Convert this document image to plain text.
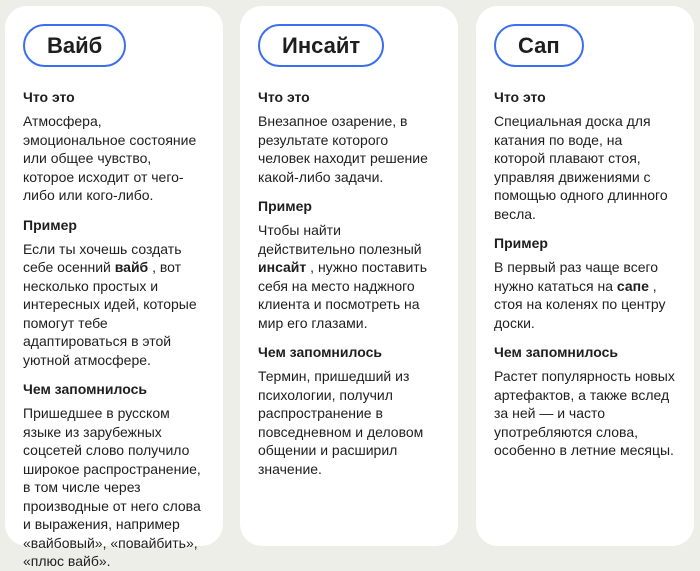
Вайб
Что это
Атмосфера, эмоциональное состояние или общее чувство, которое исходит от чего-либо или кого-либо.
Пример
Если ты хочешь создать себе осенний вайб , вот несколько простых и интересных идей, которые помогут тебе адаптироваться в этой уютной атмосфере.
Чем запомнилось
Пришедшее в русском языке из зарубежных соцсетей слово получило широкое распространение, в том числе через производные от него слова и выражения, например «вайбовый», «повайбить», «плюс вайб».
Инсайт
Что это
Внезапное озарение, в результате которого человек находит решение какой-либо задачи.
Пример
Чтобы найти действительно полезный инсайт , нужно поставить себя на место наджного клиента и посмотреть на мир его глазами.
Чем запомнилось
Термин, пришедший из психологии, получил распространение в повседневном и деловом общении и расширил значение.
Сап
Что это
Специальная доска для катания по воде, на которой плавают стоя, управляя движениями с помощью одного длинного весла.
Пример
В первый раз чаще всего нужно кататься на сапе , стоя на коленях по центру доски.
Чем запомнилось
Растет популярность новых артефактов, а также вслед за ней — и часто употребляются слова, особенно в летние месяцы.
